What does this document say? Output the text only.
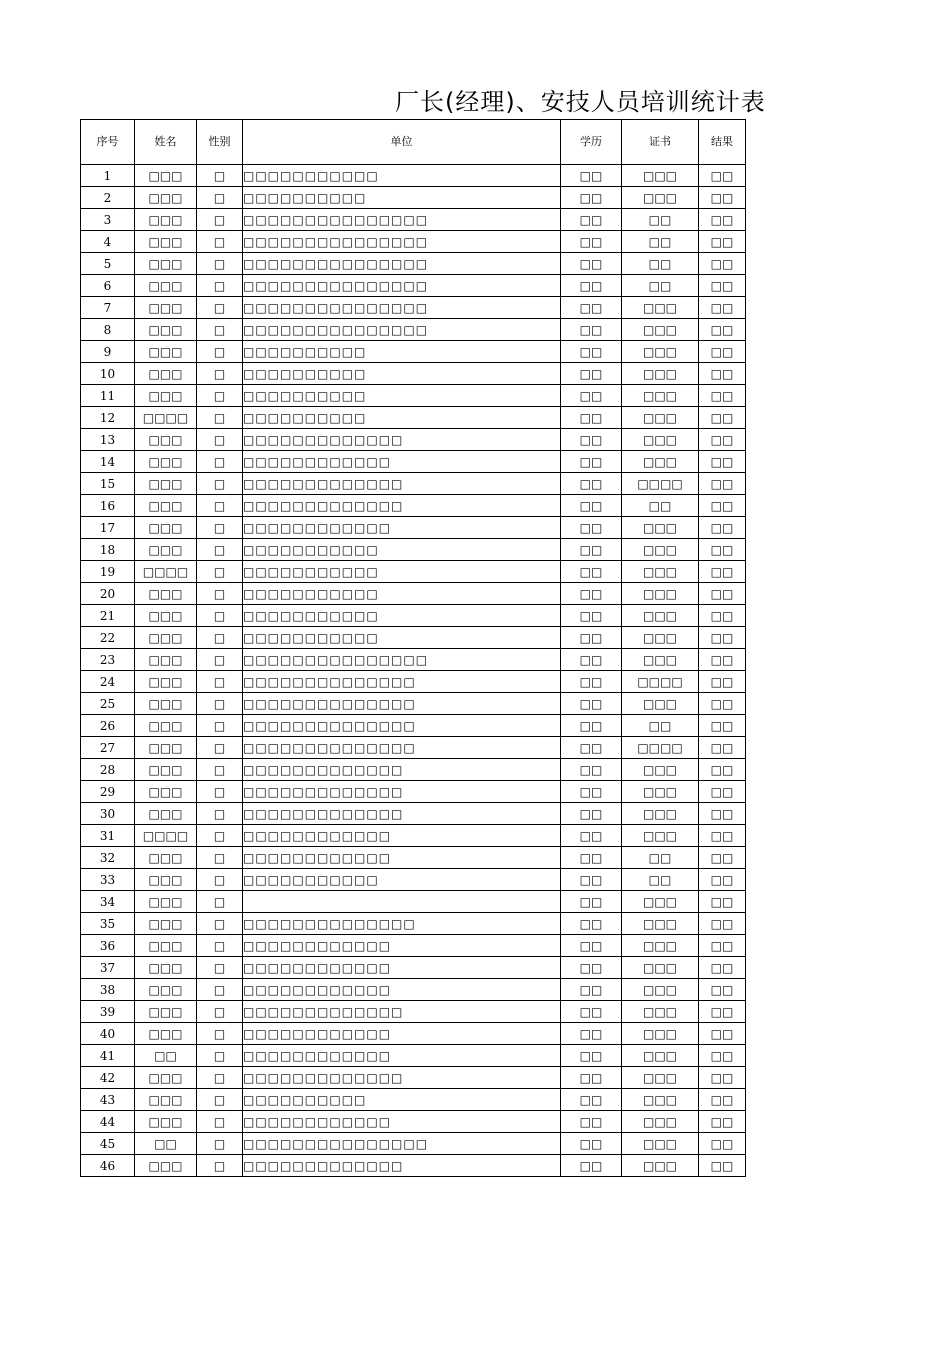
厂长(经理)、安技人员培训统计表
序号	姓名	性别	单位	学历	证书	结果
1	□□□	□	□□□□□□□□□□□	□□	□□□	□□
2	□□□	□	□□□□□□□□□□	□□	□□□	□□
3	□□□	□	□□□□□□□□□□□□□□□	□□	□□	□□
4	□□□	□	□□□□□□□□□□□□□□□	□□	□□	□□
5	□□□	□	□□□□□□□□□□□□□□□	□□	□□	□□
6	□□□	□	□□□□□□□□□□□□□□□	□□	□□	□□
7	□□□	□	□□□□□□□□□□□□□□□	□□	□□□	□□
8	□□□	□	□□□□□□□□□□□□□□□	□□	□□□	□□
9	□□□	□	□□□□□□□□□□	□□	□□□	□□
10	□□□	□	□□□□□□□□□□	□□	□□□	□□
11	□□□	□	□□□□□□□□□□	□□	□□□	□□
12	□□□□	□	□□□□□□□□□□	□□	□□□	□□
13	□□□	□	□□□□□□□□□□□□□	□□	□□□	□□
14	□□□	□	□□□□□□□□□□□□	□□	□□□	□□
15	□□□	□	□□□□□□□□□□□□□	□□	□□□□	□□
16	□□□	□	□□□□□□□□□□□□□	□□	□□	□□
17	□□□	□	□□□□□□□□□□□□	□□	□□□	□□
18	□□□	□	□□□□□□□□□□□	□□	□□□	□□
19	□□□□	□	□□□□□□□□□□□	□□	□□□	□□
20	□□□	□	□□□□□□□□□□□	□□	□□□	□□
21	□□□	□	□□□□□□□□□□□	□□	□□□	□□
22	□□□	□	□□□□□□□□□□□	□□	□□□	□□
23	□□□	□	□□□□□□□□□□□□□□□	□□	□□□	□□
24	□□□	□	□□□□□□□□□□□□□□	□□	□□□□	□□
25	□□□	□	□□□□□□□□□□□□□□	□□	□□□	□□
26	□□□	□	□□□□□□□□□□□□□□	□□	□□	□□
27	□□□	□	□□□□□□□□□□□□□□	□□	□□□□	□□
28	□□□	□	□□□□□□□□□□□□□	□□	□□□	□□
29	□□□	□	□□□□□□□□□□□□□	□□	□□□	□□
30	□□□	□	□□□□□□□□□□□□□	□□	□□□	□□
31	□□□□	□	□□□□□□□□□□□□	□□	□□□	□□
32	□□□	□	□□□□□□□□□□□□	□□	□□	□□
33	□□□	□	□□□□□□□□□□□	□□	□□	□□
34	□□□	□		□□	□□□	□□
35	□□□	□	□□□□□□□□□□□□□□	□□	□□□	□□
36	□□□	□	□□□□□□□□□□□□	□□	□□□	□□
37	□□□	□	□□□□□□□□□□□□	□□	□□□	□□
38	□□□	□	□□□□□□□□□□□□	□□	□□□	□□
39	□□□	□	□□□□□□□□□□□□□	□□	□□□	□□
40	□□□	□	□□□□□□□□□□□□	□□	□□□	□□
41	□□	□	□□□□□□□□□□□□	□□	□□□	□□
42	□□□	□	□□□□□□□□□□□□□	□□	□□□	□□
43	□□□	□	□□□□□□□□□□	□□	□□□	□□
44	□□□	□	□□□□□□□□□□□□	□□	□□□	□□
45	□□	□	□□□□□□□□□□□□□□□	□□	□□□	□□
46	□□□	□	□□□□□□□□□□□□□	□□	□□□	□□
